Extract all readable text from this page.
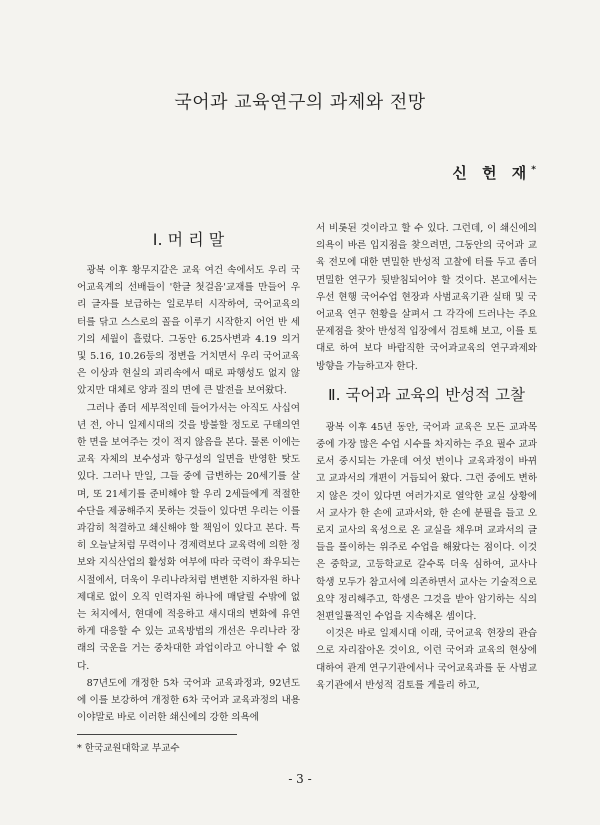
국어과 교육연구의 과제와 전망
신 헌 재*
Ⅰ. 머 리 말

광복 이후 황무지같은 교육 여건 속에서도 우리 국어교육계의 선배들이 '한글 첫걸음'교재를 만들어 우리 글자를 보급하는 일로부터 시작하여, 국어교육의 터를 닦고 스스로의 꼴을 이루기 시작한지 어언 반 세기의 세월이 흘렀다. 그동안 6.25사변과 4.19 의거 및 5.16, 10.26등의 정변을 거치면서 우리 국어교육은 이상과 현실의 괴리속에서 때로 파행성도 없지 않았지만 대체로 양과 질의 면에 큰 발전을 보여왔다.

그러나 좀더 세부적인데 들어가서는 아직도 사십여년 전, 아니 일제시대의 것을 방불할 정도로 구태의연한 면을 보여주는 것이 적지 않음을 본다. 물론 이에는 교육 자체의 보수성과 항구성의 일면을 반영한 탓도 있다. 그러나 만일, 그들 중에 급변하는 20세기를 살며, 또 21세기를 준비해야 할 우리 2세들에게 적절한 수단을 제공해주지 못하는 것들이 있다면 우리는 이를 과감히 척결하고 쇄신해야 할 책임이 있다고 본다. 특히 오늘날처럼 무력이나 경제력보다 교육력에 의한 정보와 지식산업의 활성화 여부에 따라 국력이 좌우되는 시절에서, 더욱이 우리나라처럼 변변한 지하자원 하나 제대로 없이 오직 인력자원 하나에 매달릴 수밖에 없는 처지에서, 현대에 적응하고 새시대의 변화에 유연하게 대응할 수 있는 교육방법의 개선은 우리나라 장래의 국운을 거는 중차대한 과업이라고 아니할 수 없다.

87년도에 개정한 5차 국어과 교육과정과, 92년도에 이를 보강하여 개정한 6차 국어과 교육과정의 내용이야말로 바로 이러한 쇄신에의 강한 의욕에

서 비롯된 것이라고 할 수 있다. 그런데, 이 쇄신에의 의욕이 바른 입지점을 찾으려면, 그동안의 국어과 교육 전모에 대한 면밀한 반성적 고찰에 터를 두고 좀더 면밀한 연구가 뒷받침되어야 할 것이다. 본고에서는 우선 현행 국어수업 현장과 사범교육기관 실태 및 국어교육 연구 현황을 살펴서 그 각각에 드러나는 주요 문제점을 찾아 반성적 입장에서 검토해 보고, 이를 토대로 하여 보다 바람직한 국어과교육의 연구과제와 방향을 가늠하고자 한다.

Ⅱ. 국어과 교육의 반성적 고찰

광복 이후 45년 동안, 국어과 교육은 모든 교과목중에 가장 많은 수업 시수를 차지하는 주요 필수 교과로서 중시되는 가운데 여섯 번이나 교육과정이 바뀌고 교과서의 개편이 거듭되어 왔다. 그런 중에도 변하지 않은 것이 있다면 여러가지로 열악한 교실 상황에서 교사가 한 손에 교과서와, 한 손에 분필을 들고 오로지 교사의 육성으로 온 교실을 채우며 교과서의 글들을 풀이하는 위주로 수업을 해왔다는 점이다. 이것은 중학교, 고등학교로 갈수록 더욱 심하여, 교사나 학생 모두가 참고서에 의존하면서 교사는 기술적으로 요약 정리해주고, 학생은 그것을 받아 암기하는 식의 천편일률적인 수업을 지속해온 셈이다.

이것은 바로 일제시대 이래, 국어교육 현장의 관습으로 자리잡아온 것이요, 이런 국어과 교육의 현상에 대하여 관계 연구기관에서나 국어교육과를 둔 사범교육기관에서 반성적 검토를 게을리 하고,

* 한국교원대학교 부교수
- 3 -
